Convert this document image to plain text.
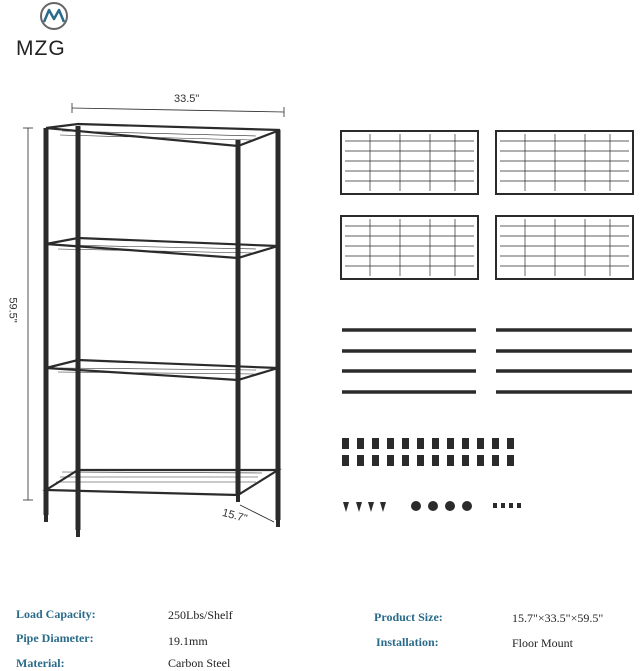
MZG
33.5"
59.5"
15.7"
Load Capacity:	250Lbs/Shelf
Pipe Diameter:	19.1mm
Material:	Carbon Steel
Product Size:	15.7"×33.5"×59.5"
Installation:	Floor Mount
